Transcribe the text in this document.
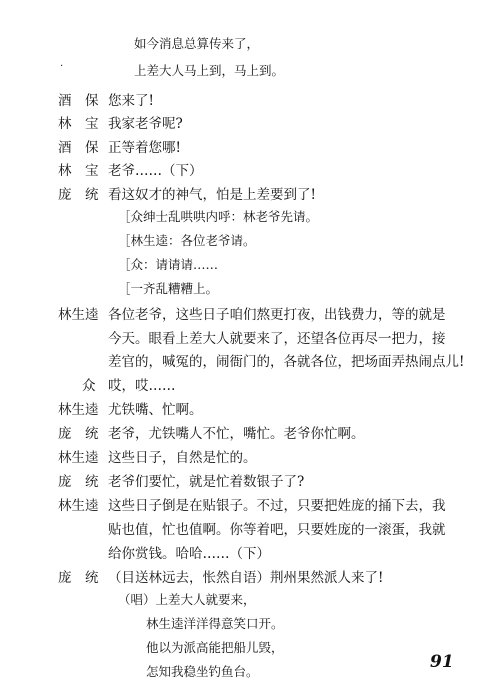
如今消息总算传来了，
上差大人马上到，马上到。
酒　保 您来了!
林　宝 我家老爷呢?
酒　保 正等着您哪!
林　宝 老爷……（下）
庞　统 看这奴才的神气，怕是上差要到了!
［众绅士乱哄哄内呼：林老爷先请。
［林生逵：各位老爷请。
［众：请请请……
［一齐乱糟糟上。
林生逵 各位老爷，这些日子咱们熬更打夜，出钱费力，等的就是
今天。眼看上差大人就要来了，还望各位再尽一把力，接
差官的，喊冤的，闹衙门的，各就各位，把场面弄热闹点儿!
众 哎，哎……
林生逵 尤铁嘴、忙啊。
庞　统 老爷，尤铁嘴人不忙，嘴忙。老爷你忙啊。
林生逵 这些日子，自然是忙的。
庞　统 老爷们要忙，就是忙着数银子了?
林生逵 这些日子倒是在贴银子。不过，只要把姓庞的捅下去，我
贴也值，忙也值啊。你等着吧，只要姓庞的一滚蛋，我就
给你赏钱。哈哈……（下）
庞　统 （目送林远去，怅然自语）荆州果然派人来了!
（唱）上差大人就要来，
林生逵洋洋得意笑口开。
他以为派高能把船儿毁，
怎知我稳坐钓鱼台。
.
91
